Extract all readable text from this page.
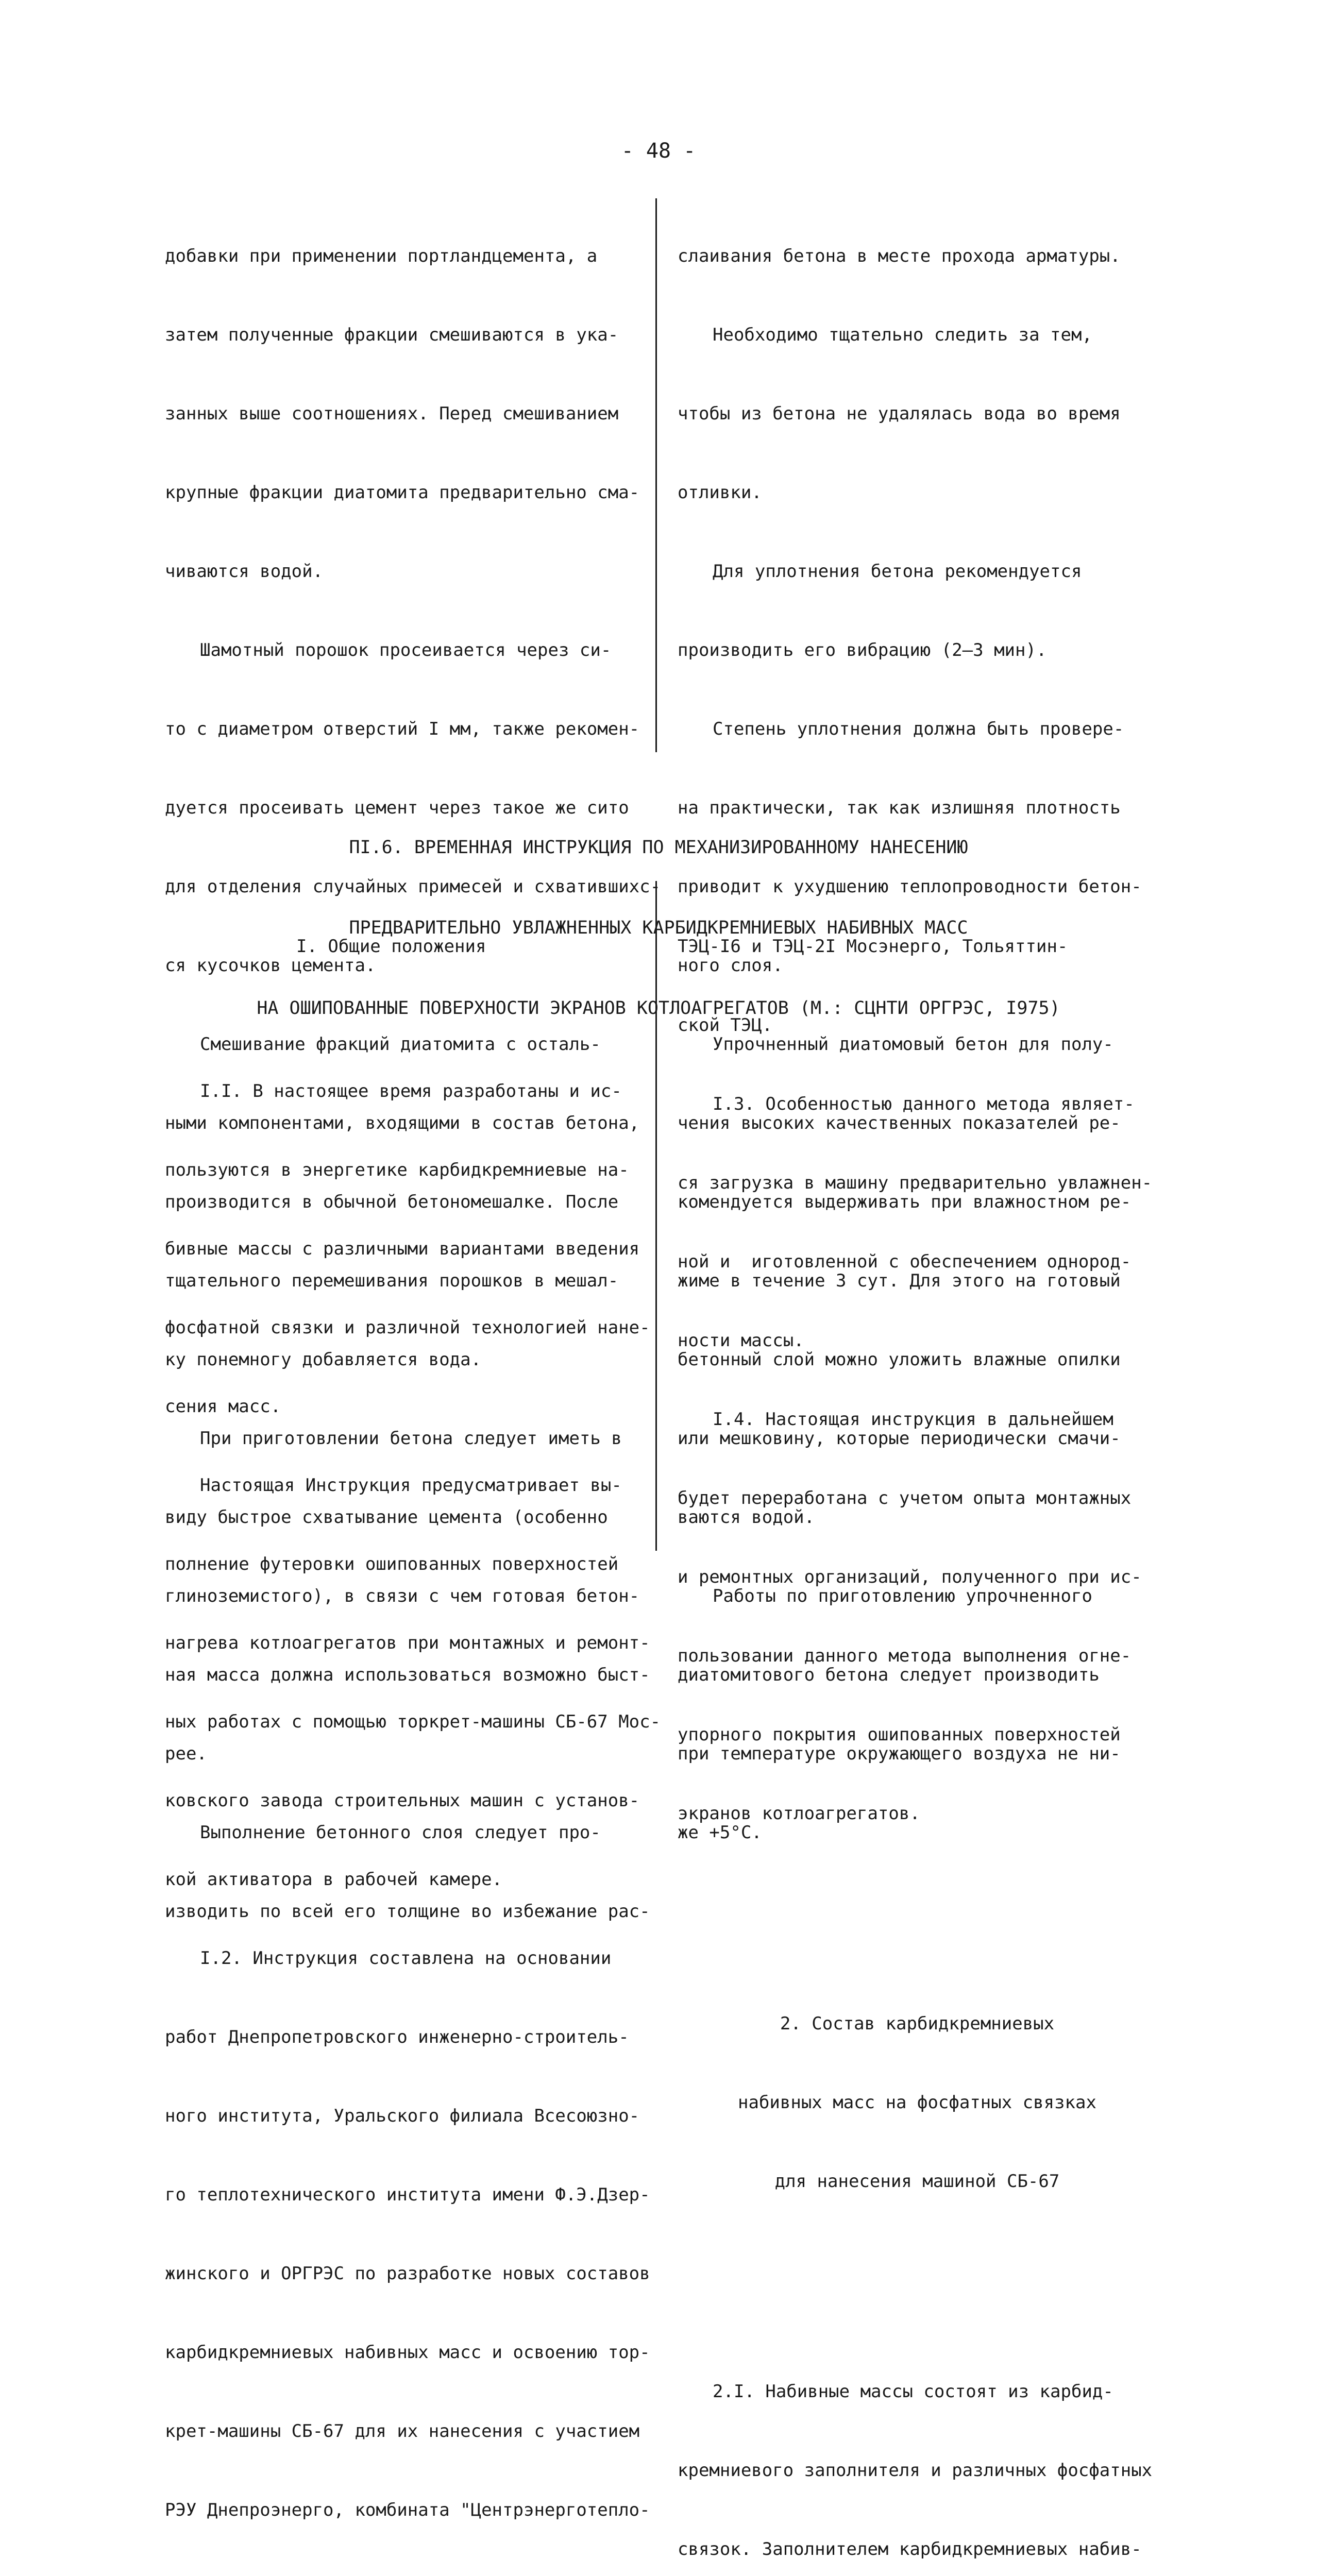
- 48 -

добавки при применении портландцемента, а

затем полученные фракции смешиваются в ука-

занных выше соотношениях. Перед смешиванием

крупные фракции диатомита предварительно сма-

чиваются водой.

Шамотный порошок просеивается через си-

то с диаметром отверстий I мм, также рекомен-

дуется просеивать цемент через такое же сито

для отделения случайных примесей и схватившихс-

ся кусочков цемента.

Смешивание фракций диатомита с осталь-

ными компонентами, входящими в состав бетона,

производится в обычной бетономешалке. После

тщательного перемешивания порошков в мешал-

ку понемногу добавляется вода.

При приготовлении бетона следует иметь в

виду быстрое схватывание цемента (особенно

глиноземистого), в связи с чем готовая бетон-

ная масса должна использоваться возможно быст-

рее.

Выполнение бетонного слоя следует про-

изводить по всей его толщине во избежание рас-

слаивания бетона в месте прохода арматуры.

Необходимо тщательно следить за тем,

чтобы из бетона не удалялась вода во время

отливки.

Для уплотнения бетона рекомендуется

производить его вибрацию (2–3 мин).

Степень уплотнения должна быть провере-

на практически, так как излишняя плотность

приводит к ухудшению теплопроводности бетон-

ного слоя.

Упрочненный диатомовый бетон для полу-

чения высоких качественных показателей ре-

комендуется выдерживать при влажностном ре-

жиме в течение 3 сут. Для этого на готовый

бетонный слой можно уложить влажные опилки

или мешковину, которые периодически смачи-

ваются водой.

Работы по приготовлению упрочненного

диатомитового бетона следует производить

при температуре окружающего воздуха не ни-

же +5°С.

ПI.6. ВРЕМЕННАЯ ИНСТРУКЦИЯ ПО МЕХАНИЗИРОВАННОМУ НАНЕСЕНИЮ

ПРЕДВАРИТЕЛЬНО УВЛАЖНЕННЫХ КАРБИДКРЕМНИЕВЫХ НАБИВНЫХ МАСС

НА ОШИПОВАННЫЕ ПОВЕРХНОСТИ ЭКРАНОВ КОТЛОАГРЕГАТОВ (М.: СЦНТИ ОРГРЭС, I975)

I. Общие положения

I.I. В настоящее время разработаны и ис-

пользуются в энергетике карбидкремниевые на-

бивные массы с различными вариантами введения

фосфатной связки и различной технологией нане-

сения масс.

Настоящая Инструкция предусматривает вы-

полнение футеровки ошипованных поверхностей

нагрева котлоагрегатов при монтажных и ремонт-

ных работах с помощью торкрет-машины СБ-67 Мос-

ковского завода строительных машин с установ-

кой активатора в рабочей камере.

I.2. Инструкция составлена на основании

работ Днепропетровского инженерно-строитель-

ного института, Уральского филиала Всесоюзно-

го теплотехнического института имени Ф.Э.Дзер-

жинского и ОРГРЭС по разработке новых составов

карбидкремниевых набивных масс и освоению тор-

крет-машины СБ-67 для их нанесения с участием

РЭУ Днепроэнерго, комбината "Центрэнерготепло-

ТЭЦ-I6 и ТЭЦ-2I Мосэнерго, Тольяттин-

ской ТЭЦ.

I.3. Особенностью данного метода являет-

ся загрузка в машину предварительно увлажнен-

ной и  иготовленной с обеспечением однород-

ности массы.

I.4. Настоящая инструкция в дальнейшем

будет переработана с учетом опыта монтажных

и ремонтных организаций, полученного при ис-

пользовании данного метода выполнения огне-

упорного покрытия ошипованных поверхностей

экранов котлоагрегатов.

2. Состав карбидкремниевых

набивных масс на фосфатных связках

для нанесения машиной СБ-67

2.I. Набивные массы состоят из карбид-

кремниевого заполнителя и различных фосфатных

связок. Заполнителем карбидкремниевых набив-
